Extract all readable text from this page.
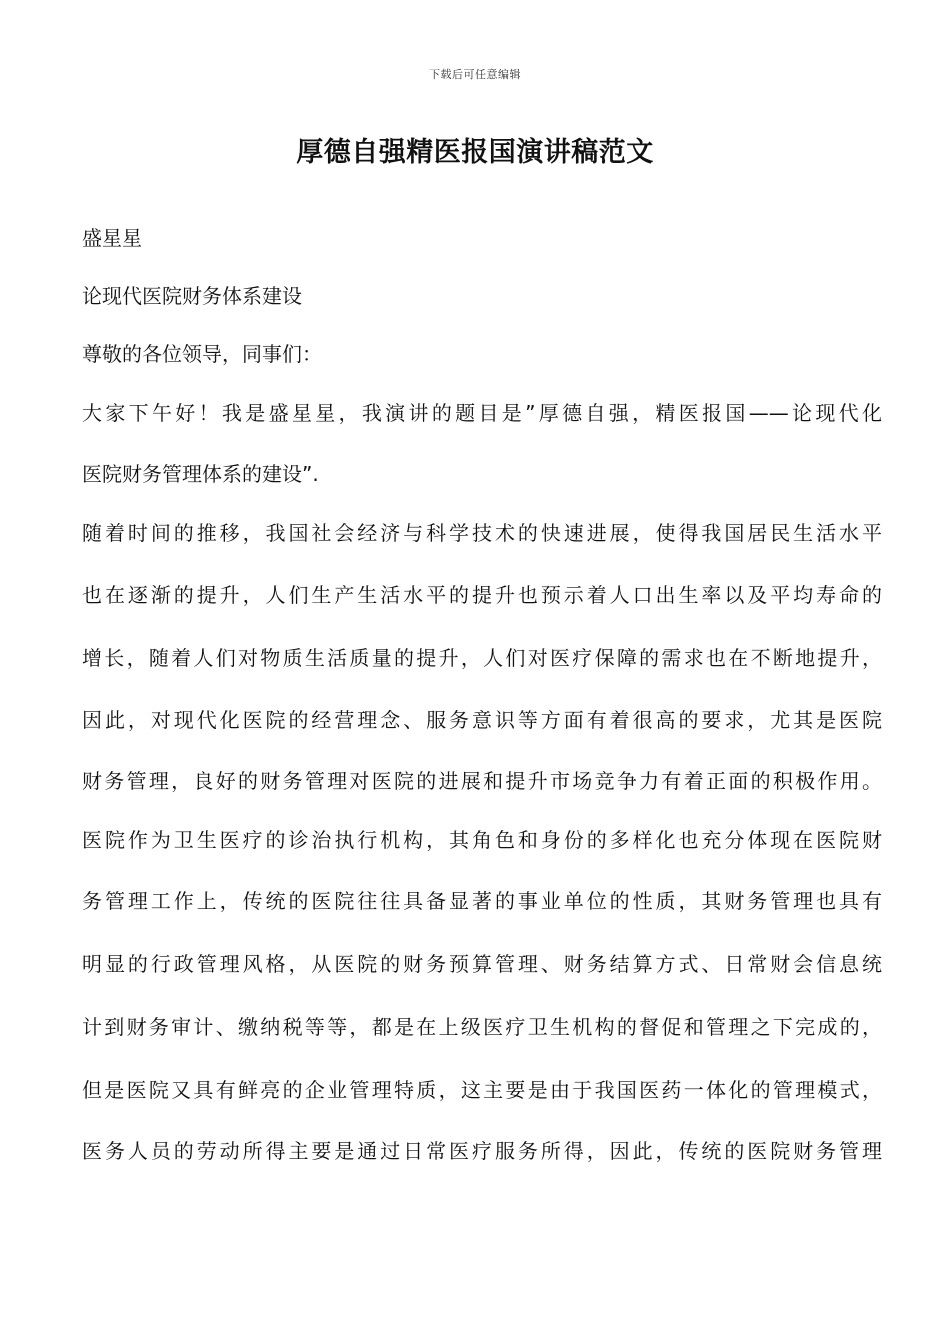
下载后可任意编辑
厚德自强精医报国演讲稿范文

盛星星

论现代医院财务体系建设

尊敬的各位领导，同事们：

大家下午好！我是盛星星，我演讲的题目是”厚德自强，精医报国——论现代化

医院财务管理体系的建设”.

随着时间的推移，我国社会经济与科学技术的快速进展，使得我国居民生活水平

也在逐渐的提升，人们生产生活水平的提升也预示着人口出生率以及平均寿命的

增长，随着人们对物质生活质量的提升，人们对医疗保障的需求也在不断地提升，

因此，对现代化医院的经营理念、服务意识等方面有着很高的要求，尤其是医院

财务管理，良好的财务管理对医院的进展和提升市场竞争力有着正面的积极作用。

医院作为卫生医疗的诊治执行机构，其角色和身份的多样化也充分体现在医院财

务管理工作上，传统的医院往往具备显著的事业单位的性质，其财务管理也具有

明显的行政管理风格，从医院的财务预算管理、财务结算方式、日常财会信息统

计到财务审计、缴纳税等等，都是在上级医疗卫生机构的督促和管理之下完成的，

但是医院又具有鲜亮的企业管理特质，这主要是由于我国医药一体化的管理模式，

医务人员的劳动所得主要是通过日常医疗服务所得，因此，传统的医院财务管理
